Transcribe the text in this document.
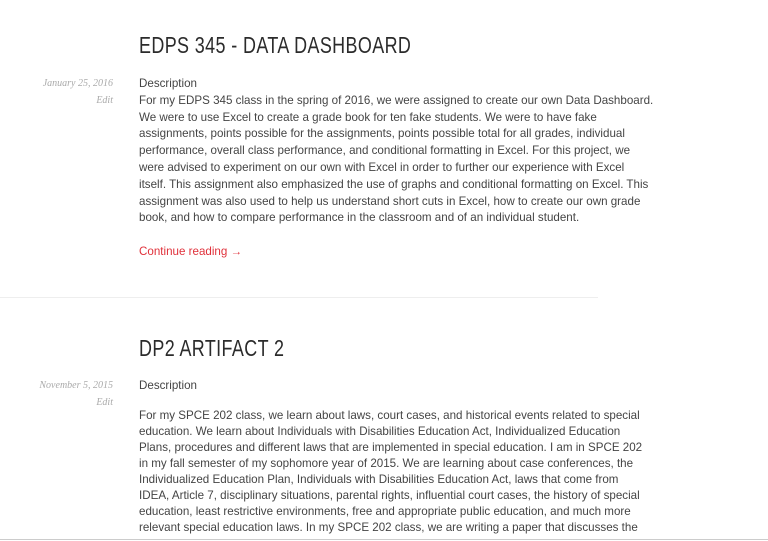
EDPS 345 - DATA DASHBOARD
January 25, 2016
Edit
Description
For my EDPS 345 class in the spring of 2016, we were assigned to create our own Data Dashboard.
We were to use Excel to create a grade book for ten fake students. We were to have fake
assignments, points possible for the assignments, points possible total for all grades, individual
performance, overall class performance, and conditional formatting in Excel. For this project, we
were advised to experiment on our own with Excel in order to further our experience with Excel
itself. This assignment also emphasized the use of graphs and conditional formatting on Excel. This
assignment was also used to help us understand short cuts in Excel, how to create our own grade
book, and how to compare performance in the classroom and of an individual student.
Continue reading →
DP2 ARTIFACT 2
November 5, 2015
Edit
Description
For my SPCE 202 class, we learn about laws, court cases, and historical events related to special
education. We learn about Individuals with Disabilities Education Act, Individualized Education
Plans, procedures and different laws that are implemented in special education. I am in SPCE 202
in my fall semester of my sophomore year of 2015. We are learning about case conferences, the
Individualized Education Plan, Individuals with Disabilities Education Act, laws that come from
IDEA, Article 7, disciplinary situations, parental rights, influential court cases, the history of special
education, least restrictive environments, free and appropriate public education, and much more
relevant special education laws. In my SPCE 202 class, we are writing a paper that discusses the
